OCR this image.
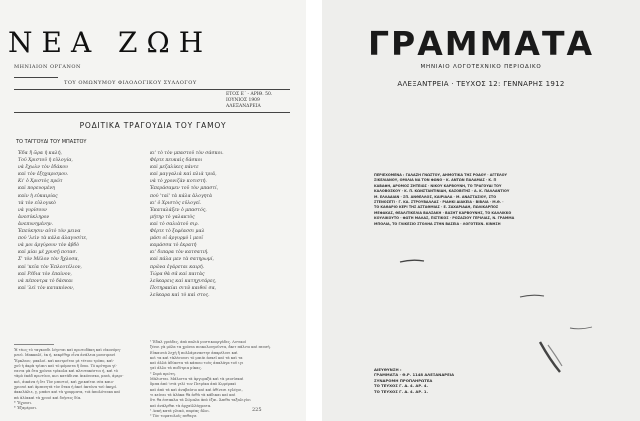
ΝΕΑ ΖΩΗ
ΜΗΝΙΑΙΟΝ ΟΡΓΑΝΟΝ
ΤΟΥ ΟΜΩΝΥΜΟΥ ΦΙΛΟΛΟΓΙΚΟΥ ΣΥΛΛΟΓΟΥ
ΕΤΟΣ Ε΄ - ΑΡΙΘ. 50.
ΙΟΥΝΙΟΣ 1909
ΑΛΕΞΑΝΔΡΕΙΑ
ΡΟΔΙΤΙΚΑ ΤΡΑΓΟΥΔΙΑ ΤΟΥ ΓΑΜΟΥ
ΤΟ ΤΑΓΓΟΥΔΙ ΤΟΥ ΜΠΑΣΤΟΥ
Ἐδα ἢ ὥρα ἡ καλή,
Τοῦ Χριστοῦ ἡ εὐλογία,
νὰ ἔχωλν τὸν ἐδάκου
καὶ τὸν ἐξηχαρισμου.
Κι' ὁ Χριστὸς πρῶτ
καὶ πορευομένη
καὶν ἡ εὐκαιρίας
τὰ τὸν εὐλογικὸ
νὰ γυρίσουν
ἀνεσύκληρον
ἀνεπυνημένην.
Ἐπεύκησιν αὐτὸ τὸν μεινα
ποὺ 'λεὶν τὰ κάλα ἀλαγυσίτε,
νὰ μοι ἀργύρουν τὸν ἀβδὸ
καὶ μίαι μὲ χρυσῇ ποτασ.
Σ' τὸν Μέλον τὸν ἤχλοσα,
καὶ 'κεῖα τὸν Ἐπλεοτέλιον,
καὶ Ρέδια τὸν ἐπαὶνον,
νὰ πέποντρα τὸ δάσκαι
καὶ 'λεὶ τὸν κατακόνον,
κι' τὸ τὸν μπαστοῦ τὸν σάσκοι.
Φέρτε πευκαὶς δάσκοι
καὶ μεζαλίκες πάντε
καὶ μαγγαλιὰ καὶ πλιὰ τριᾶ,
νὰ τὸ χρονιζὰν κοτιστή.
Ἐπεράσαμεν τοῦ τὸν μπαστί,
ποὺ 'ταὶ' τὰ κάλα ἀλογητὰ
κι' ὁ Χριστὸς εὐλογεῖ.
Ἐκαταλάξεν ὁ μπαστός,
μήτηρ τὸ γαλακτὸς
καὶ τὸ σαλιὰτοῦ σιρ.
Φέρτε τὸ ξεφέασσι μαλ
μάσι οἱ ἀργυρμὸ ἱ μεοῖ
καμάσσα τὸ ἐκρατή
κι' διπαρα τὸν κατσατιή.
καὶ πάλα μεν τὰ σατηρωμί,
πρῶνα ἐγάρεται καιρή.
Τώρα θὰ σᾶ καὶ παιτὰς
λεὐκαρεις καὶ κατηχυτάρες,
Ποτηρακίαι σιτῶ καιθοὶ σα,
λεὐκαρα καὶ τὸ καὶ στος.
Ἡ τέως τὸ ταγκουδι λέγεται καὶ πρωτοδὰκη καὶ εἰκονόμη-
μενό. Μακκαλί, ἐκ ἡ, κεκρίθημ εἶνα ἀνάλεια μουσιμανί
Ἕρκλαιν, μακλοί. καὶ καιτρεῖται μὲ τέτοιο τρόπο, καὶ-
χοῦ ἡ ἀκρὰ τρὶανι καὶ τὸ φόμαιτα ἢ ὅπιο. Τὸ κρίτημα γί-
ναιτα μὰ ὅτα χρόνια τρίκολα καὶ πλευτακέστοι ἡ, καὶ τὸ
τὰμὸ ἐκάδ πρωτύου, κωι κατάδιναι ἀικόνεσκο, μαιά, ἀμερι-
κοὶ, ἀικάνα ἡ ὅτι Τὸν μπιστοί, καὶ χρικαίται σὲα καιο-
χρυσοὶ καὶ ἀμπενητὰ τὸν ὅτκα ἡ ἀκεὶ ἀκτόνα τοὺ ἀκηρί.
ἀκκιλάλιε, γ, μπάσι καὶ τὰ γραμματα, τιὰ ἀπολότεικα καὶ
πὰ ἀλίακαὶ τὰ χρυοὶ καὶ διήσεις δία.
* Ἕχουσι.
* Ἐξαμέρισι.
¹ Ἐδαλ γριάδες, ἀπὸ παλιᾶ μυστικοοργάδες. Λυτικοί
ξένοι γὰ μόλα τα χρόνια ποικολουγοῦντα, ἄκιτ πάλιτο καὶ πευσή.
Εὐκαινιά λεχὴ ἢ πολλάμεναστην ἀπαρέλυνι καὶ
κοὶ τα καὶ τὰλέσουσι τὸ μαιάι ἀσκεῖ καὶ τὰ καὶ τα
καὶ ἀλλὰ ἀδίαστα τὰ κάποιο τοὺς ἀπαλάγα τοῦ ιγι
γαὶ ἀλλο τὰ ποδὶτρια μίκας.
² Συρὰ πρώτη.
Μάλισται. Μάλιστα τὰ ἀργυραξὰ καὶ τὰ μεισίσκαὶ
ὅμπα ἀπὸ 'στὰ γελὶ τον Πετρίκα ἀπὸ Κῳρέρακὶ
καὶ ἀπὸ τά καὶ ἀναβαίσιο καὶ καὶ ἀθίνεσι εγλέγοι,
τι κείναι τὰ ἀλὰκα θὰ ἀιθὰ τὰ κάδικαι καὶ καὶ
ὅτι θα ἐπτακλα τὰ Σώμαλα ἀπὸ ἐξαι. Ἀπιθα ταξαλιγίοι
καὶ ἀνάλρθαι τὰ ἀρχαϊλλάγματα.
¹ Λεκὴ κατὰ γλυκό, παρέας ἄλοι.
² Τὸν τοματολοῖς πυθαγσ.
225
ΓΡΑΜΜΑΤΑ
ΜΗΝΙΑΙΟ ΛΟΓΟΤΕΧΝΙΚΟ ΠΕΡΙΟΔΙΚΟ
ΑΛΕΞΑΝΤΡΕΙΑ · ΤΕΥΧΟΣ 12: ΓΕΝΝΑΡΗΣ 1912
ΠΕΡΙΕΧΟΜΕΝΑ : ΓΑΛΑΖΗ ΓΝΩΣΤΟΥ, ΔΗΜΟΤΙΚΑ ΤΗΣ ΡΟΔΟΥ · ΑΓΓΕΛΟΥ
ΣΙΚΕΛΙΑΝΟΥ, ΟΜΙΛΙΑ ΝΑ ΤΟΝ ΦΩΝΟ - Κ. ΑΝΤΩΝ ΠΑΛΑΜΑΣ · Κ. Π
ΚΑΒΑΦΗ, ΔΡΟΜΟΣ ΖΗΤΕΙΩΣ · ΝΙΚΟΥ ΚΑΡΒΟΥΝΗ, ΤΟ ΤΡΑΓΟΥΔΙ ΤΟΥ
ΚΑΛΟΒΟΣΚΟΥ · Κ. Π. ΚΩΝΣΤΑΝΤΙΝΙΔΗ, ΚΑΣΟΒΙΤΗΣ · Α. Κ. ΠΑΛΛΑΝΤΙΟΥ
Μ. ΕΛΛΑΔΙΑΝ · ΣΠ. ΑΝΘΕΛΛΟΣ, ΚΑΙΡΙΑΛΑ · Μ. ΑΝΑΣΤΑΣΙΟΥ, ΣΤΟ
ΣΤΕΝΟΣΕΤΙ · Γ. ΚΑ. ΣΤΡΟΥΒΑΛΛΑΣ · ΡΙΔΗΚΙ ΔΙΑΚΕΙΑ · ΒΙΒΛΙΑ · Μ.Θ. ·
ΤΟ ΚΑΘΑΡΙΟ ΚΕΡΙ ΤΗΣ ΑΣΤΑΘΜΙΑΣ · Ε. ΖΑΧΑΡΙΑΔΗ, ΠΩΛΙΚΑΡΠΟΣ
ΜΕΦΑΚΑΣ, ΘΕΑΛΙΤΙΚΕΛΙΑ ΒΑΛΣΑΚΗ · ΒΑΣΗΤ ΚΑΡΒΟΥΝΗΣ, ΤΟ ΚΑΛΛΙΚΚΟ
ΚΟΥΛΙΚΟΥΤΟ · ΦΩΤΗ ΜΑΛΑΣ, ΠΙΣΤΙΚΟΣ · ΡΟΖΑΣΙΟΥ ΓΕΡΙΛΙΑΣ, Ν. ΓΡΑΜΜΑ
ΜΠΟΛΙΑ, ΤΟ ΓΛΙΚΕΣΙΟ ΣΤΟΛΗΑ ΣΤΗΝ ΒΑΣΕΙΑ · ΛΟΓΟΤΕΧΝ. ΚΙΝΗΣΗ
ΔΙΕΥΘΥΝΣΗ :
ΓΡΑΜΜΑΤΑ · Θ.Ρ. 1148 ΑΛΕΞΑΝΔΡΕΙΑ
ΣΥΝΔΡΟΜΗ ΠΡΟΠΛΗΡΩΤΕΑ
ΤΟ ΤΕΥΧΟΣ Γ. Δ. 4. ΑΡ. 4.
ΤΟ ΤΕΥΧΟΣ Γ. Δ. 4. ΑΡ. 1.
